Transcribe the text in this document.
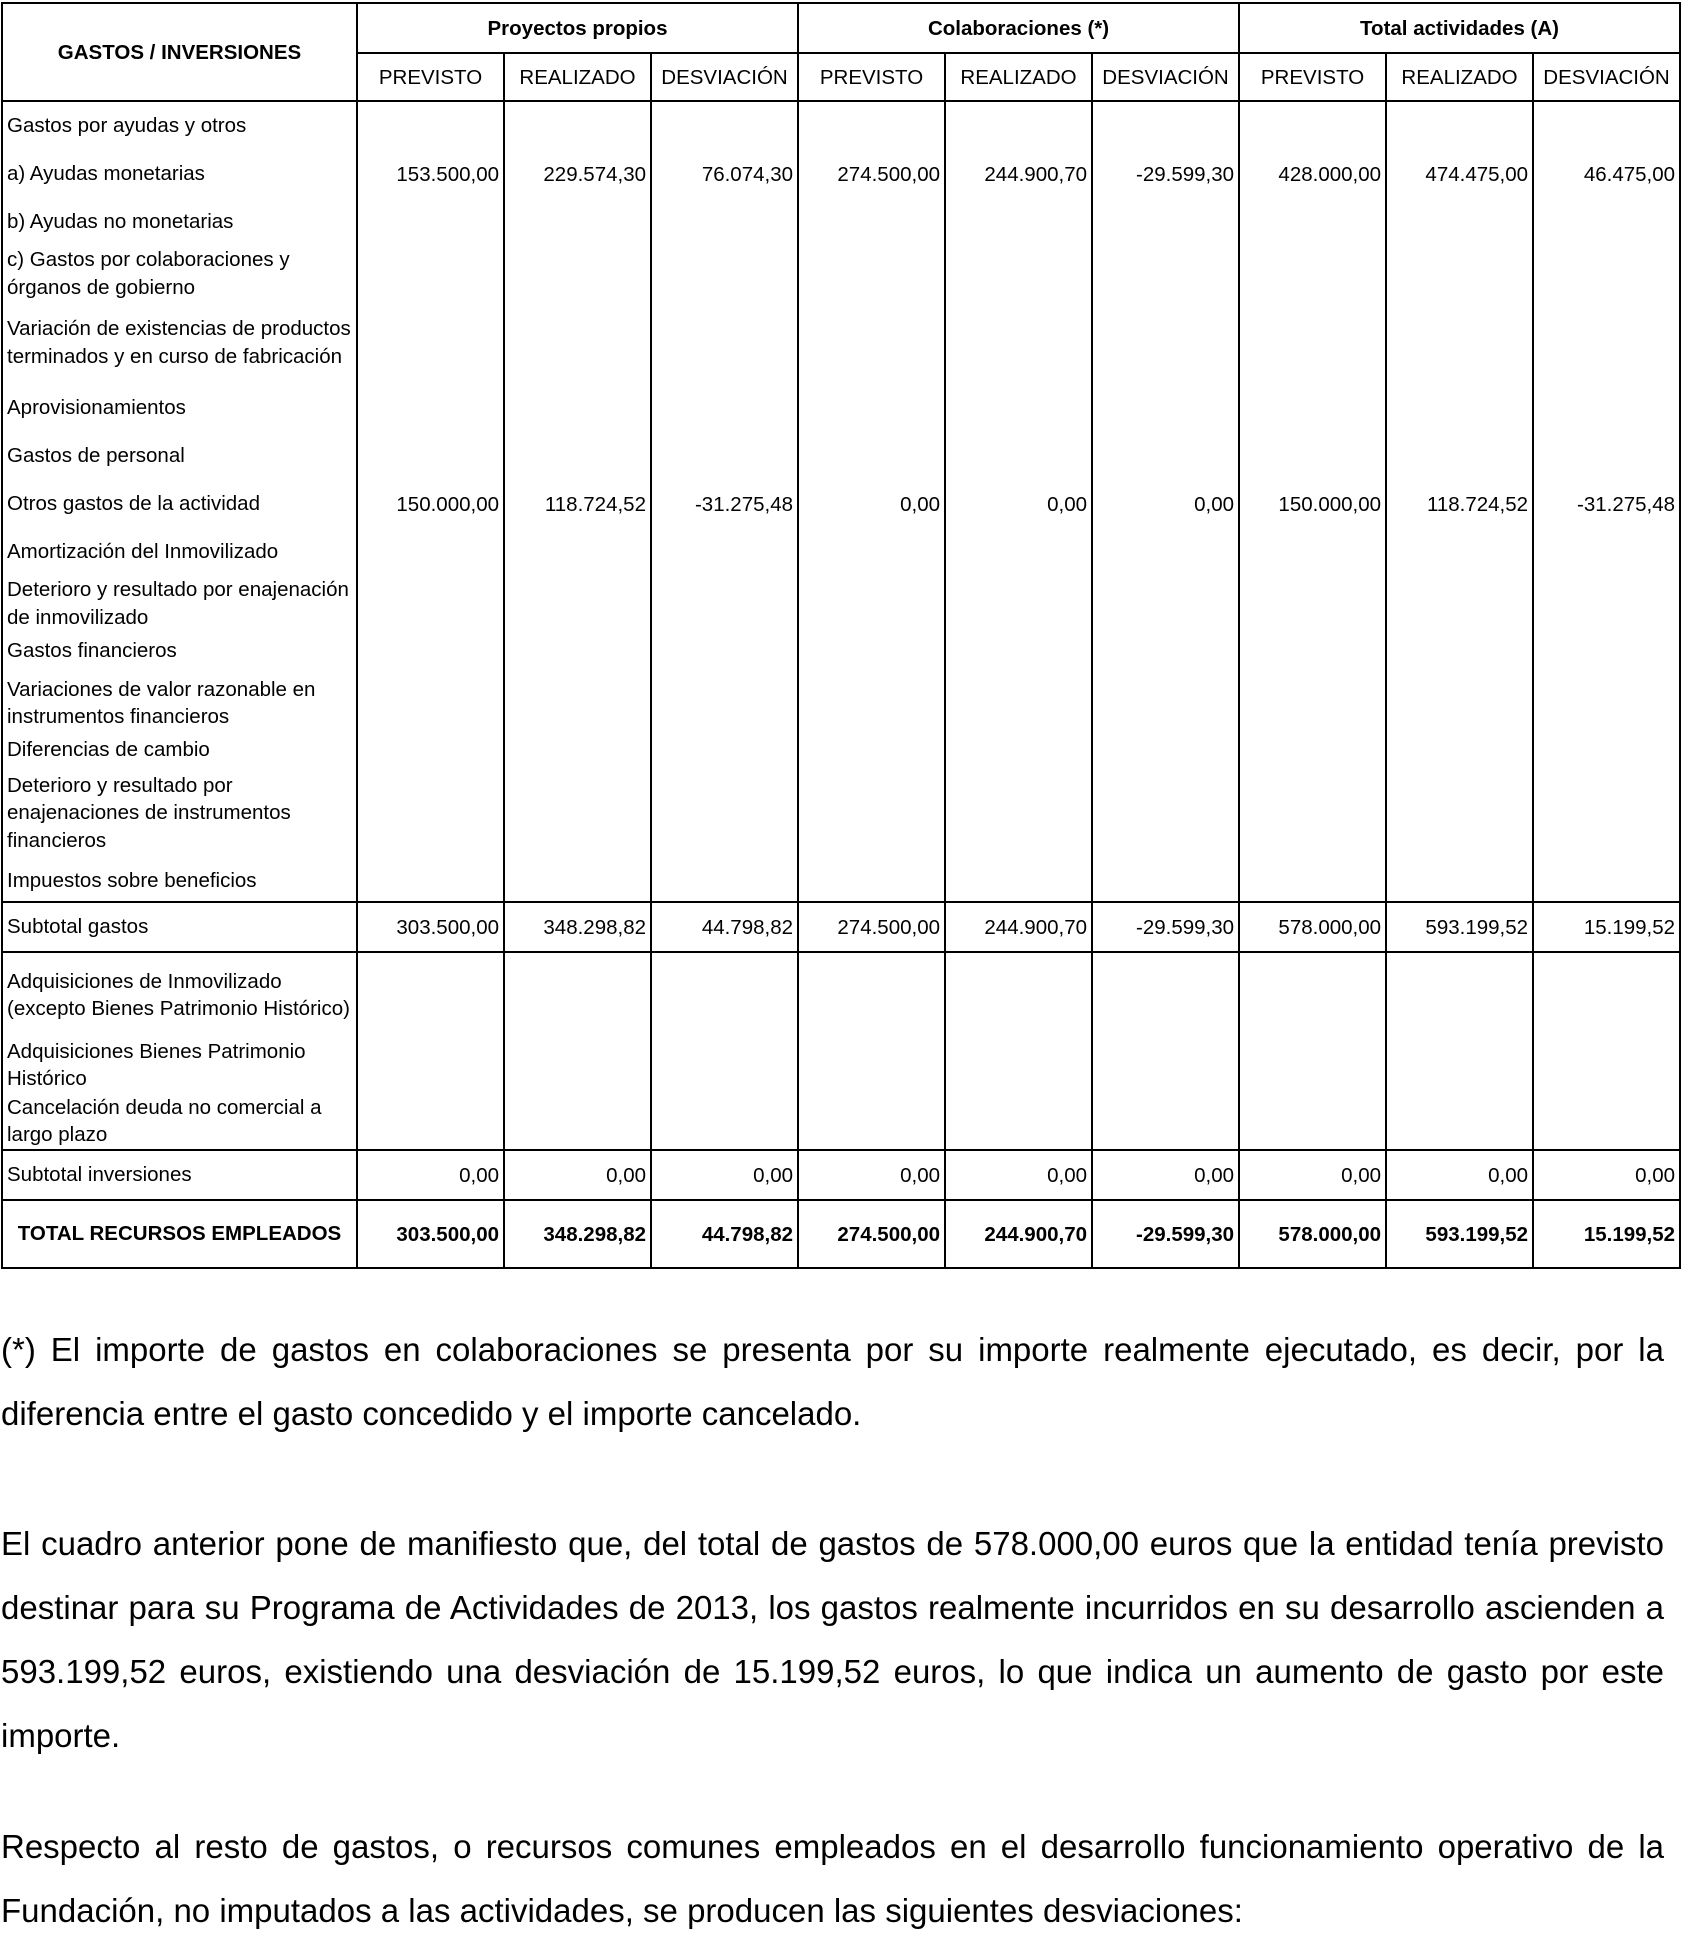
GASTOS / INVERSIONES	Proyectos propios			Colaboraciones (*)			Total actividades (A)		
	PREVISTO	REALIZADO	DESVIACIÓN	PREVISTO	REALIZADO	DESVIACIÓN	PREVISTO	REALIZADO	DESVIACIÓN
Gastos por ayudas y otros									
a) Ayudas monetarias	153.500,00	229.574,30	76.074,30	274.500,00	244.900,70	-29.599,30	428.000,00	474.475,00	46.475,00
b) Ayudas no monetarias									
c) Gastos por colaboraciones y órganos de gobierno									
Variación de existencias de productos terminados y en curso de fabricación									
Aprovisionamientos									
Gastos de personal									
Otros gastos de la actividad	150.000,00	118.724,52	-31.275,48	0,00	0,00	0,00	150.000,00	118.724,52	-31.275,48
Amortización del Inmovilizado									
Deterioro y resultado por enajenación de inmovilizado									
Gastos financieros									
Variaciones de valor razonable en instrumentos financieros									
Diferencias de cambio									
Deterioro y resultado por enajenaciones de instrumentos financieros									
Impuestos sobre beneficios									
Subtotal gastos	303.500,00	348.298,82	44.798,82	274.500,00	244.900,70	-29.599,30	578.000,00	593.199,52	15.199,52
Adquisiciones de Inmovilizado (excepto Bienes Patrimonio Histórico)									
Adquisiciones Bienes Patrimonio Histórico									
Cancelación deuda no comercial a largo plazo									
Subtotal inversiones	0,00	0,00	0,00	0,00	0,00	0,00	0,00	0,00	0,00
TOTAL RECURSOS EMPLEADOS	303.500,00	348.298,82	44.798,82	274.500,00	244.900,70	-29.599,30	578.000,00	593.199,52	15.199,52

(*) El importe de gastos en colaboraciones se presenta por su importe realmente ejecutado, es decir, por la diferencia entre el gasto concedido y el importe cancelado.

El cuadro anterior pone de manifiesto que, del total de gastos de 578.000,00 euros que la entidad tenía previsto destinar para su Programa de Actividades de 2013, los gastos realmente incurridos en su desarrollo ascienden a 593.199,52 euros, existiendo una desviación de 15.199,52 euros, lo que indica un aumento de gasto por este importe.

Respecto al resto de gastos, o recursos comunes empleados en el desarrollo funcionamiento operativo de la Fundación, no imputados a las actividades, se producen las siguientes desviaciones:
